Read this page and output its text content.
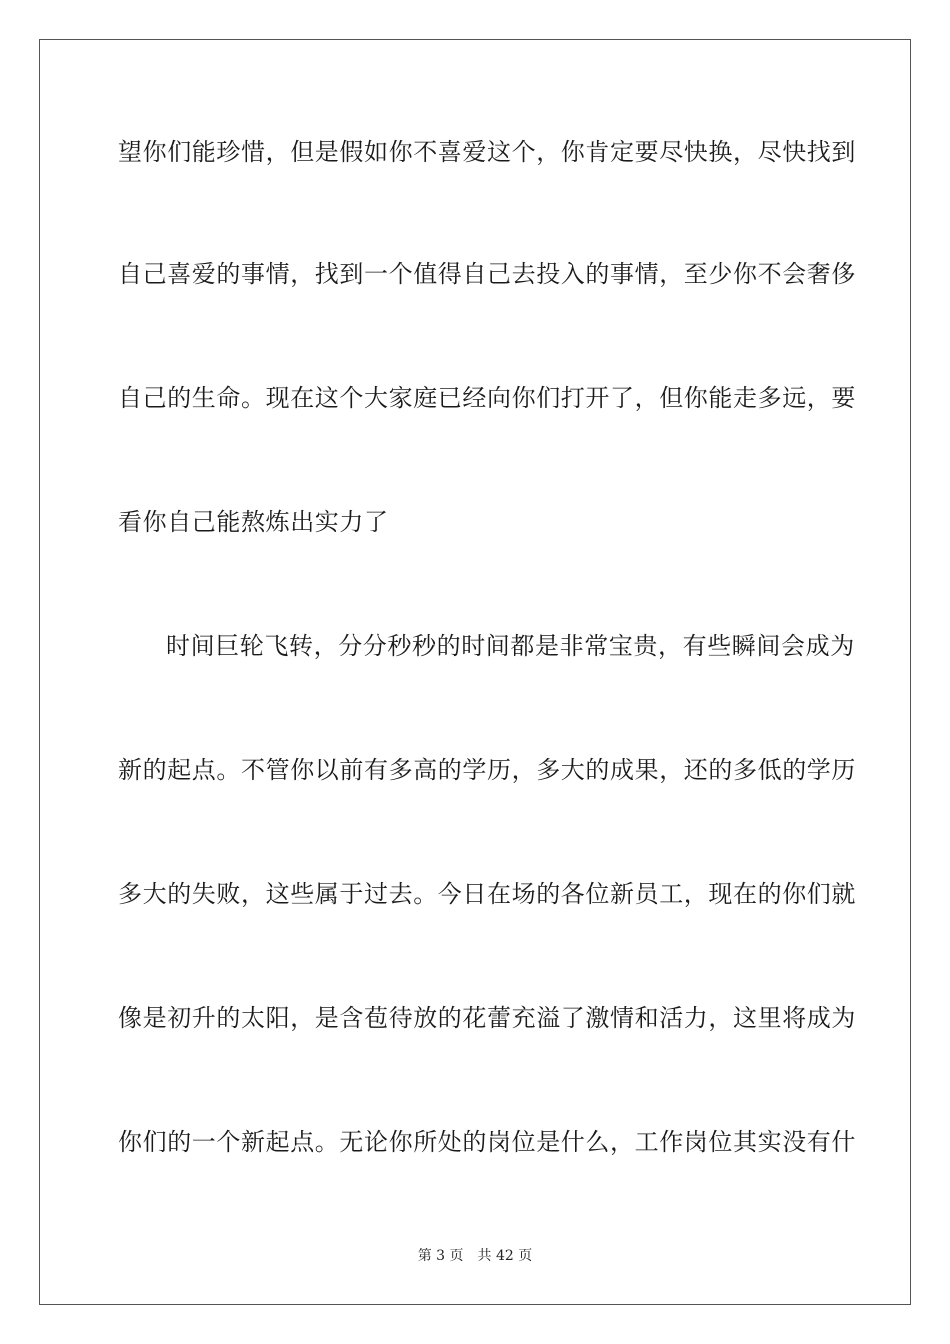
望你们能珍惜，但是假如你不喜爱这个，你肯定要尽快换，尽快找到
自己喜爱的事情，找到一个值得自己去投入的事情，至少你不会奢侈
自己的生命。现在这个大家庭已经向你们打开了，但你能走多远，要
看你自己能熬炼出实力了
时间巨轮飞转，分分秒秒的时间都是非常宝贵，有些瞬间会成为
新的起点。不管你以前有多高的学历，多大的成果，还的多低的学历
多大的失败，这些属于过去。今日在场的各位新员工，现在的你们就
像是初升的太阳，是含苞待放的花蕾充溢了激情和活力，这里将成为
你们的一个新起点。无论你所处的岗位是什么，工作岗位其实没有什
第 3 页 共 42 页
